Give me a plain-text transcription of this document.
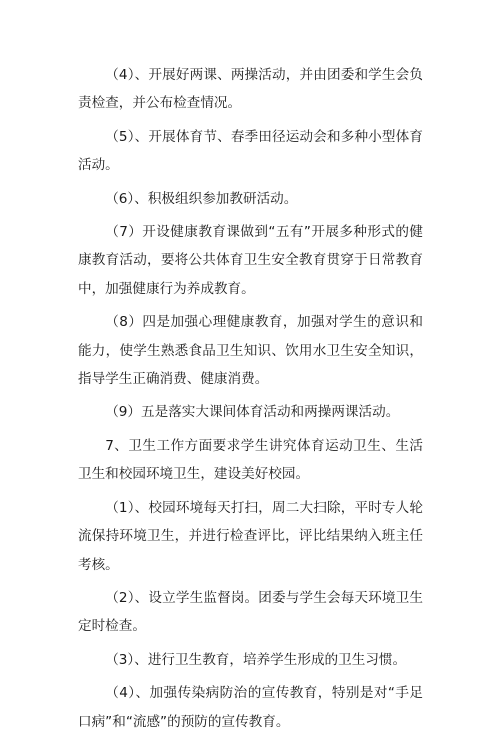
（4）、开展好两课、两操活动，并由团委和学生会负责检查，并公布检查情况。

（5）、开展体育节、春季田径运动会和多种小型体育活动。

（6）、积极组织参加教研活动。

（7）开设健康教育课做到“五有”开展多种形式的健康教育活动，要将公共体育卫生安全教育贯穿于日常教育中，加强健康行为养成教育。

（8）四是加强心理健康教育，加强对学生的意识和能力，使学生熟悉食品卫生知识、饮用水卫生安全知识，指导学生正确消费、健康消费。

（9）五是落实大课间体育活动和两操两课活动。

7、卫生工作方面要求学生讲究体育运动卫生、生活卫生和校园环境卫生，建设美好校园。

（1）、校园环境每天打扫，周二大扫除，平时专人轮流保持环境卫生，并进行检查评比，评比结果纳入班主任考核。

（2）、设立学生监督岗。团委与学生会每天环境卫生定时检查。

（3）、进行卫生教育，培养学生形成的卫生习惯。

（4）、加强传染病防治的宣传教育，特别是对“手足口病”和“流感”的预防的宣传教育。
